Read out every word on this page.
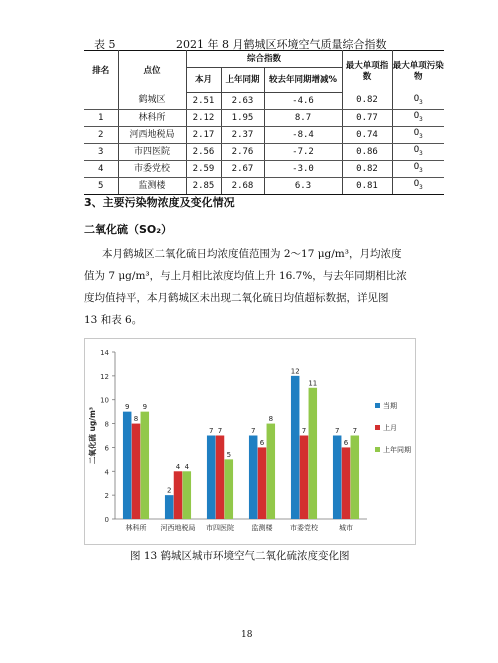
表 5	2021 年 8 月鹤城区环境空气质量综合指数
排名	点位	综合指数			最大单项指数	最大单项污染物
		本月	上年同期	较去年同期增减%		
	鹤城区	2.51	2.63	-4.6	0.82	$O_3$
1	林科所	2.12	1.95	8.7	0.77	$O_3$
2	河西地税局	2.17	2.37	-8.4	0.74	$O_3$
3	市四医院	2.56	2.76	-7.2	0.86	$O_3$
4	市委党校	2.59	2.67	-3.0	0.82	$O_3$
5	监测楼	2.85	2.68	6.3	0.81	$O_3$
3、主要污染物浓度及变化情况
二氧化硫（SO₂）
本月鹤城区二氧化硫日均浓度值范围为 2～17 μg/m³，月均浓度
值为 7 μg/m³，与上月相比浓度均值上升 16.7%，与去年同期相比浓
度均值持平，本月鹤城区未出现二氧化硫日均值超标数据，详见图
13 和表 6。
0
2
4
6
8
10
12
14
二氧化硫 ug/m³	9
8
9
林科所
2
4 4
河西地税局
7 7
5
市四医院
7
6
8
监测楼
12
7
11
市委党校
7
6
7
城市
当期
上月
上年同期
图 13 鹤城区城市环境空气二氧化硫浓度变化图
18
